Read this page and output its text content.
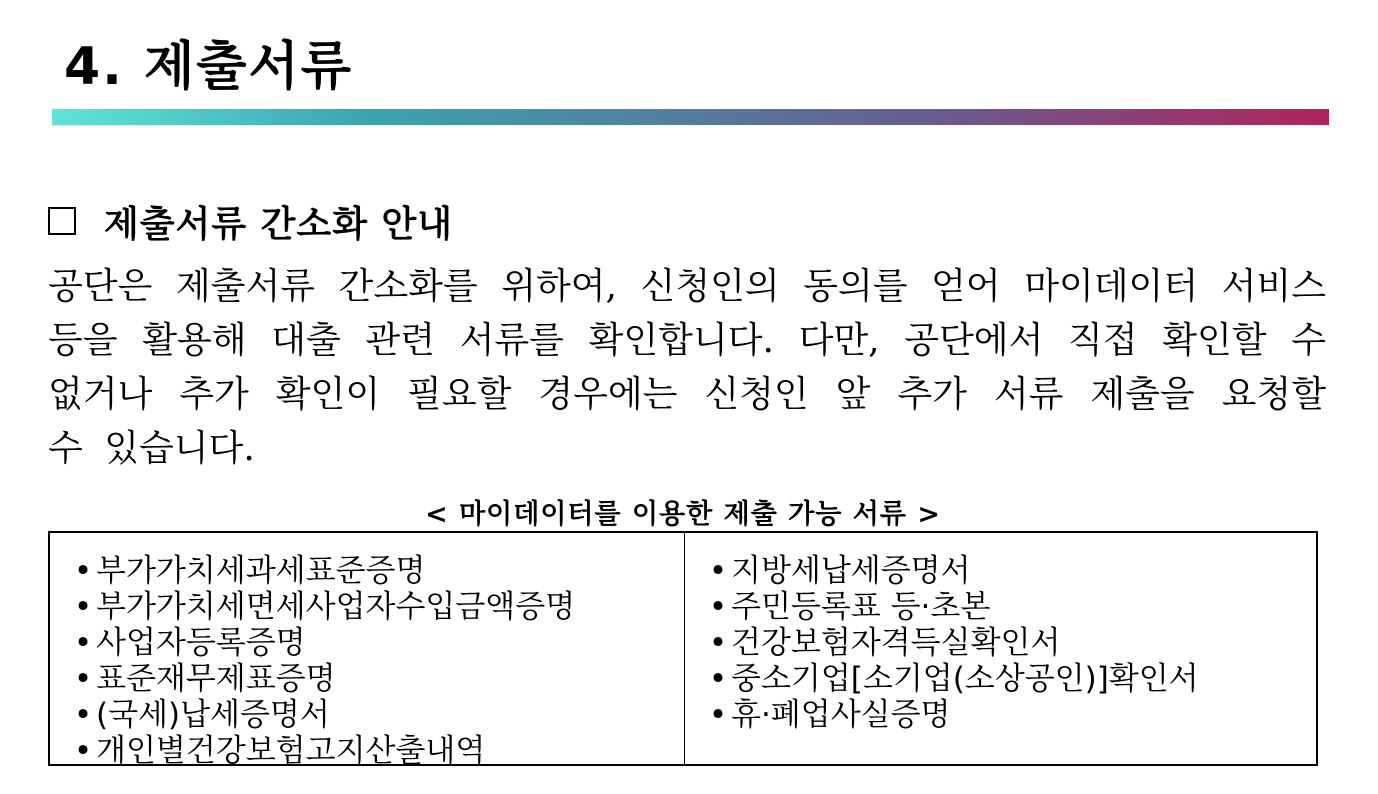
4. 제출서류
제출서류 간소화 안내

공단은 제출서류 간소화를 위하여, 신청인의 동의를 얻어 마이데이터 서비스 등을 활용해 대출 관련 서류를 확인합니다. 다만, 공단에서 직접 확인할 수 없거나 추가 확인이 필요할 경우에는 신청인 앞 추가 서류 제출을 요청할 수 있습니다.

< 마이데이터를 이용한 제출 가능 서류 >
• 부가가치세과세표준증명
• 부가가치세면세사업자수입금액증명
• 사업자등록증명
• 표준재무제표증명
• (국세)납세증명서
• 개인별건강보험고지산출내역
• 지방세납세증명서
• 주민등록표 등·초본
• 건강보험자격득실확인서
• 중소기업[소기업(소상공인)]확인서
• 휴·폐업사실증명
